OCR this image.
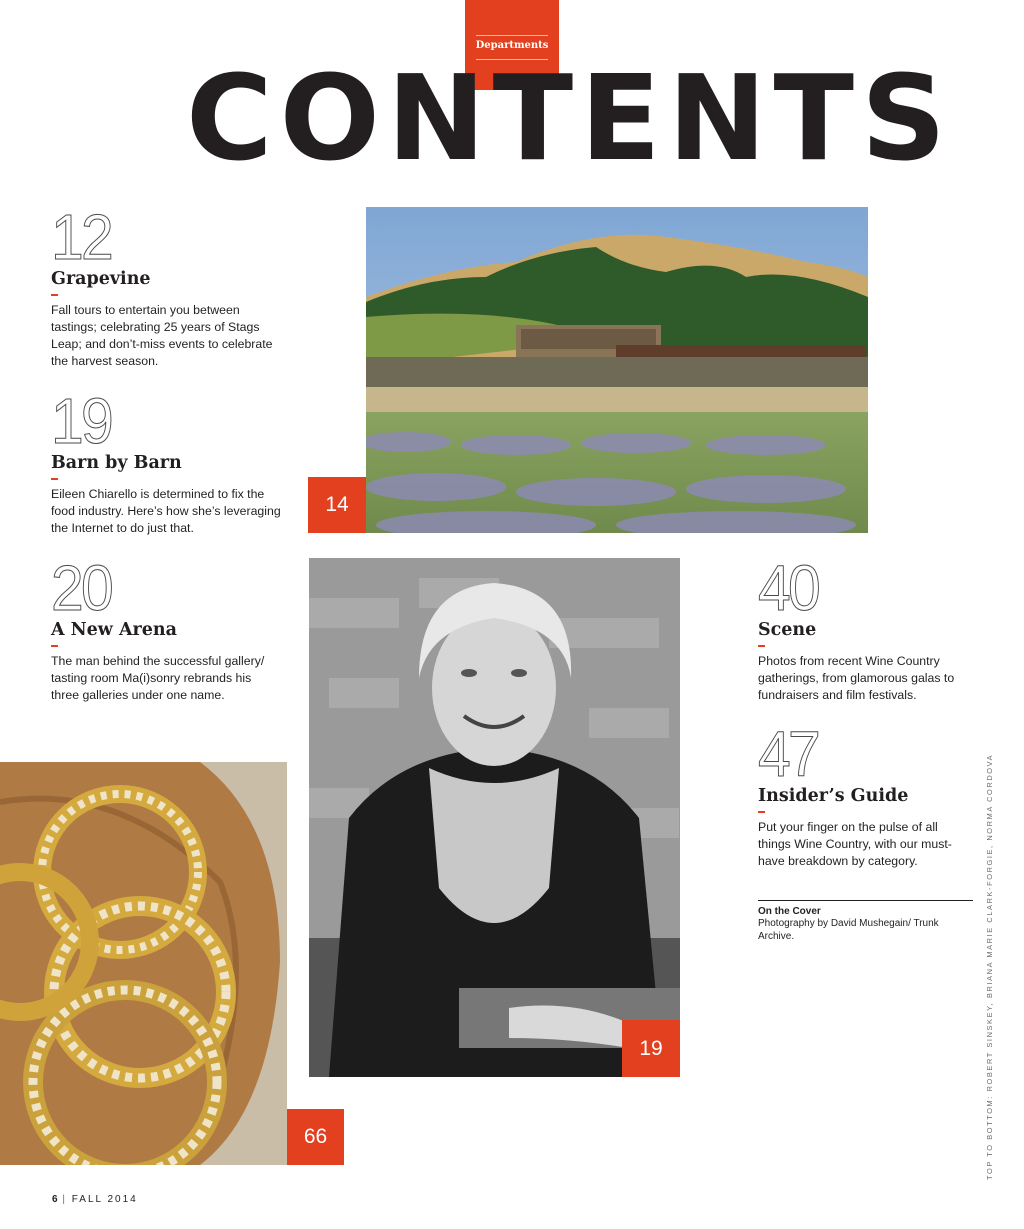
Departments
CONTENTS
12
Grapevine
Fall tours to entertain you between tastings; celebrating 25 years of Stags Leap; and don’t-miss events to celebrate the harvest season.
19
Barn by Barn
Eileen Chiarello is determined to fix the food industry. Here’s how she’s leveraging the Internet to do just that.
20
A New Arena
The man behind the successful gallery/ tasting room Ma(i)sonry rebrands his three galleries under one name.
40
Scene
Photos from recent Wine Country gatherings, from glamorous galas to fundraisers and film festivals.
47
Insider’s Guide
Put your finger on the pulse of all things Wine Country, with our must-have breakdown by category.
14
19
66
On the Cover
Photography by David Mushegain/ Trunk Archive.	TOP TO BOTTOM: ROBERT SINSKEY, BRIANA MARIE CLARK-FORGIE, NORMA CORDOVA
6 | FALL 2014
